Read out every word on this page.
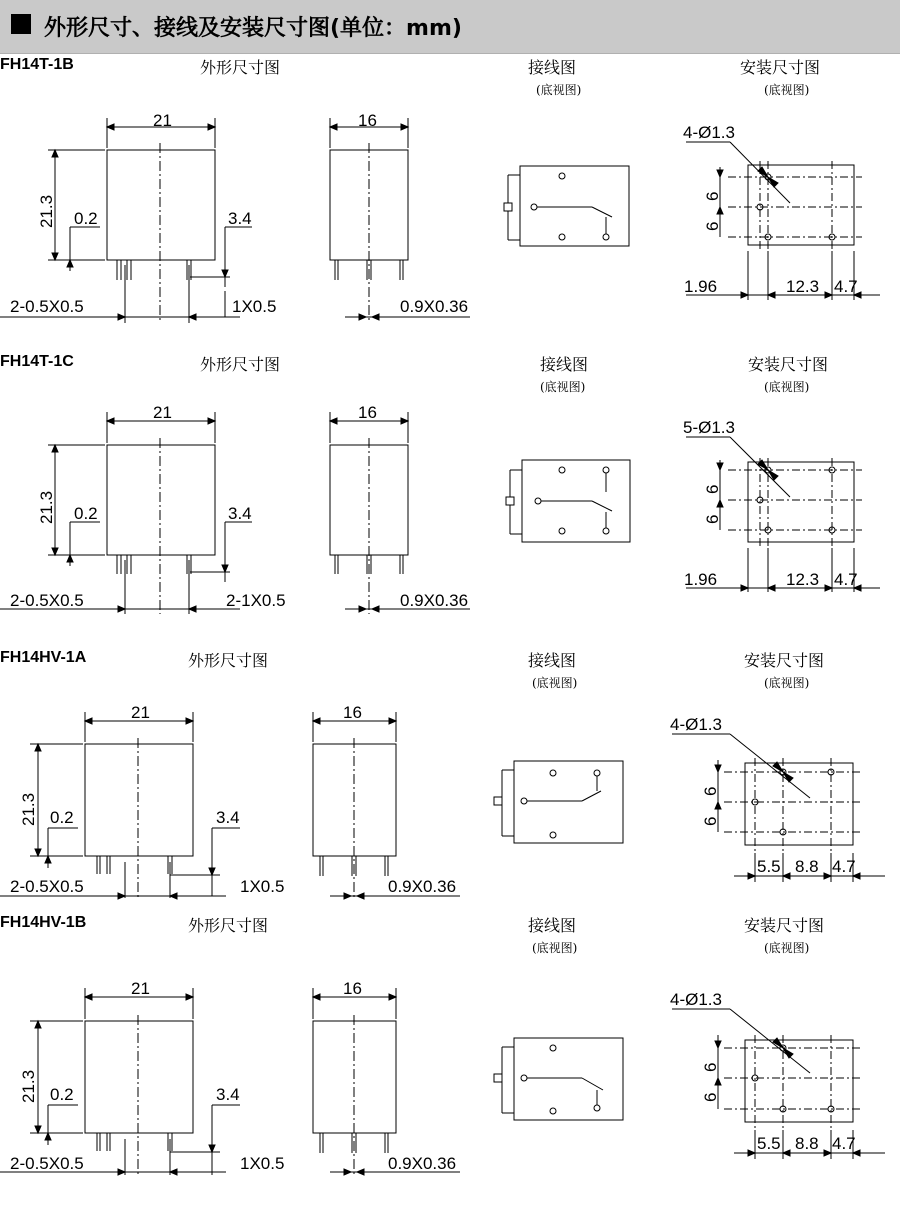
外形尺寸、接线及安装尺寸图(单位：mm)
FH14T-1B	外形尺寸图	接线图
(底视图)
安装尺寸图
(底视图)
21	16
21.3 0.2	3.4
2-0.5X0.5	1X0.5	0.9X0.36
4-Ø1.3
6
6
1.96	12.3 4.7
FH14T-1C	外形尺寸图	接线图
(底视图)
安装尺寸图
(底视图)
21	16
21.3 0.2	3.4
2-0.5X0.5	2-1X0.5	0.9X0.36
5-Ø1.3
6
6
1.96	12.3 4.7
FH14HV-1A	外形尺寸图	接线图
(底视图)
安装尺寸图
(底视图)
21	16
21.3 0.2	3.4
2-0.5X0.5	1X0.5	0.9X0.36
4-Ø1.3
6
6
5.5 8.8 4.7
FH14HV-1B	外形尺寸图	接线图
(底视图)
安装尺寸图
(底视图)
21	16
21.3 0.2	3.4
2-0.5X0.5	1X0.5	0.9X0.36
4-Ø1.3
6
6
5.5 8.8 4.7
